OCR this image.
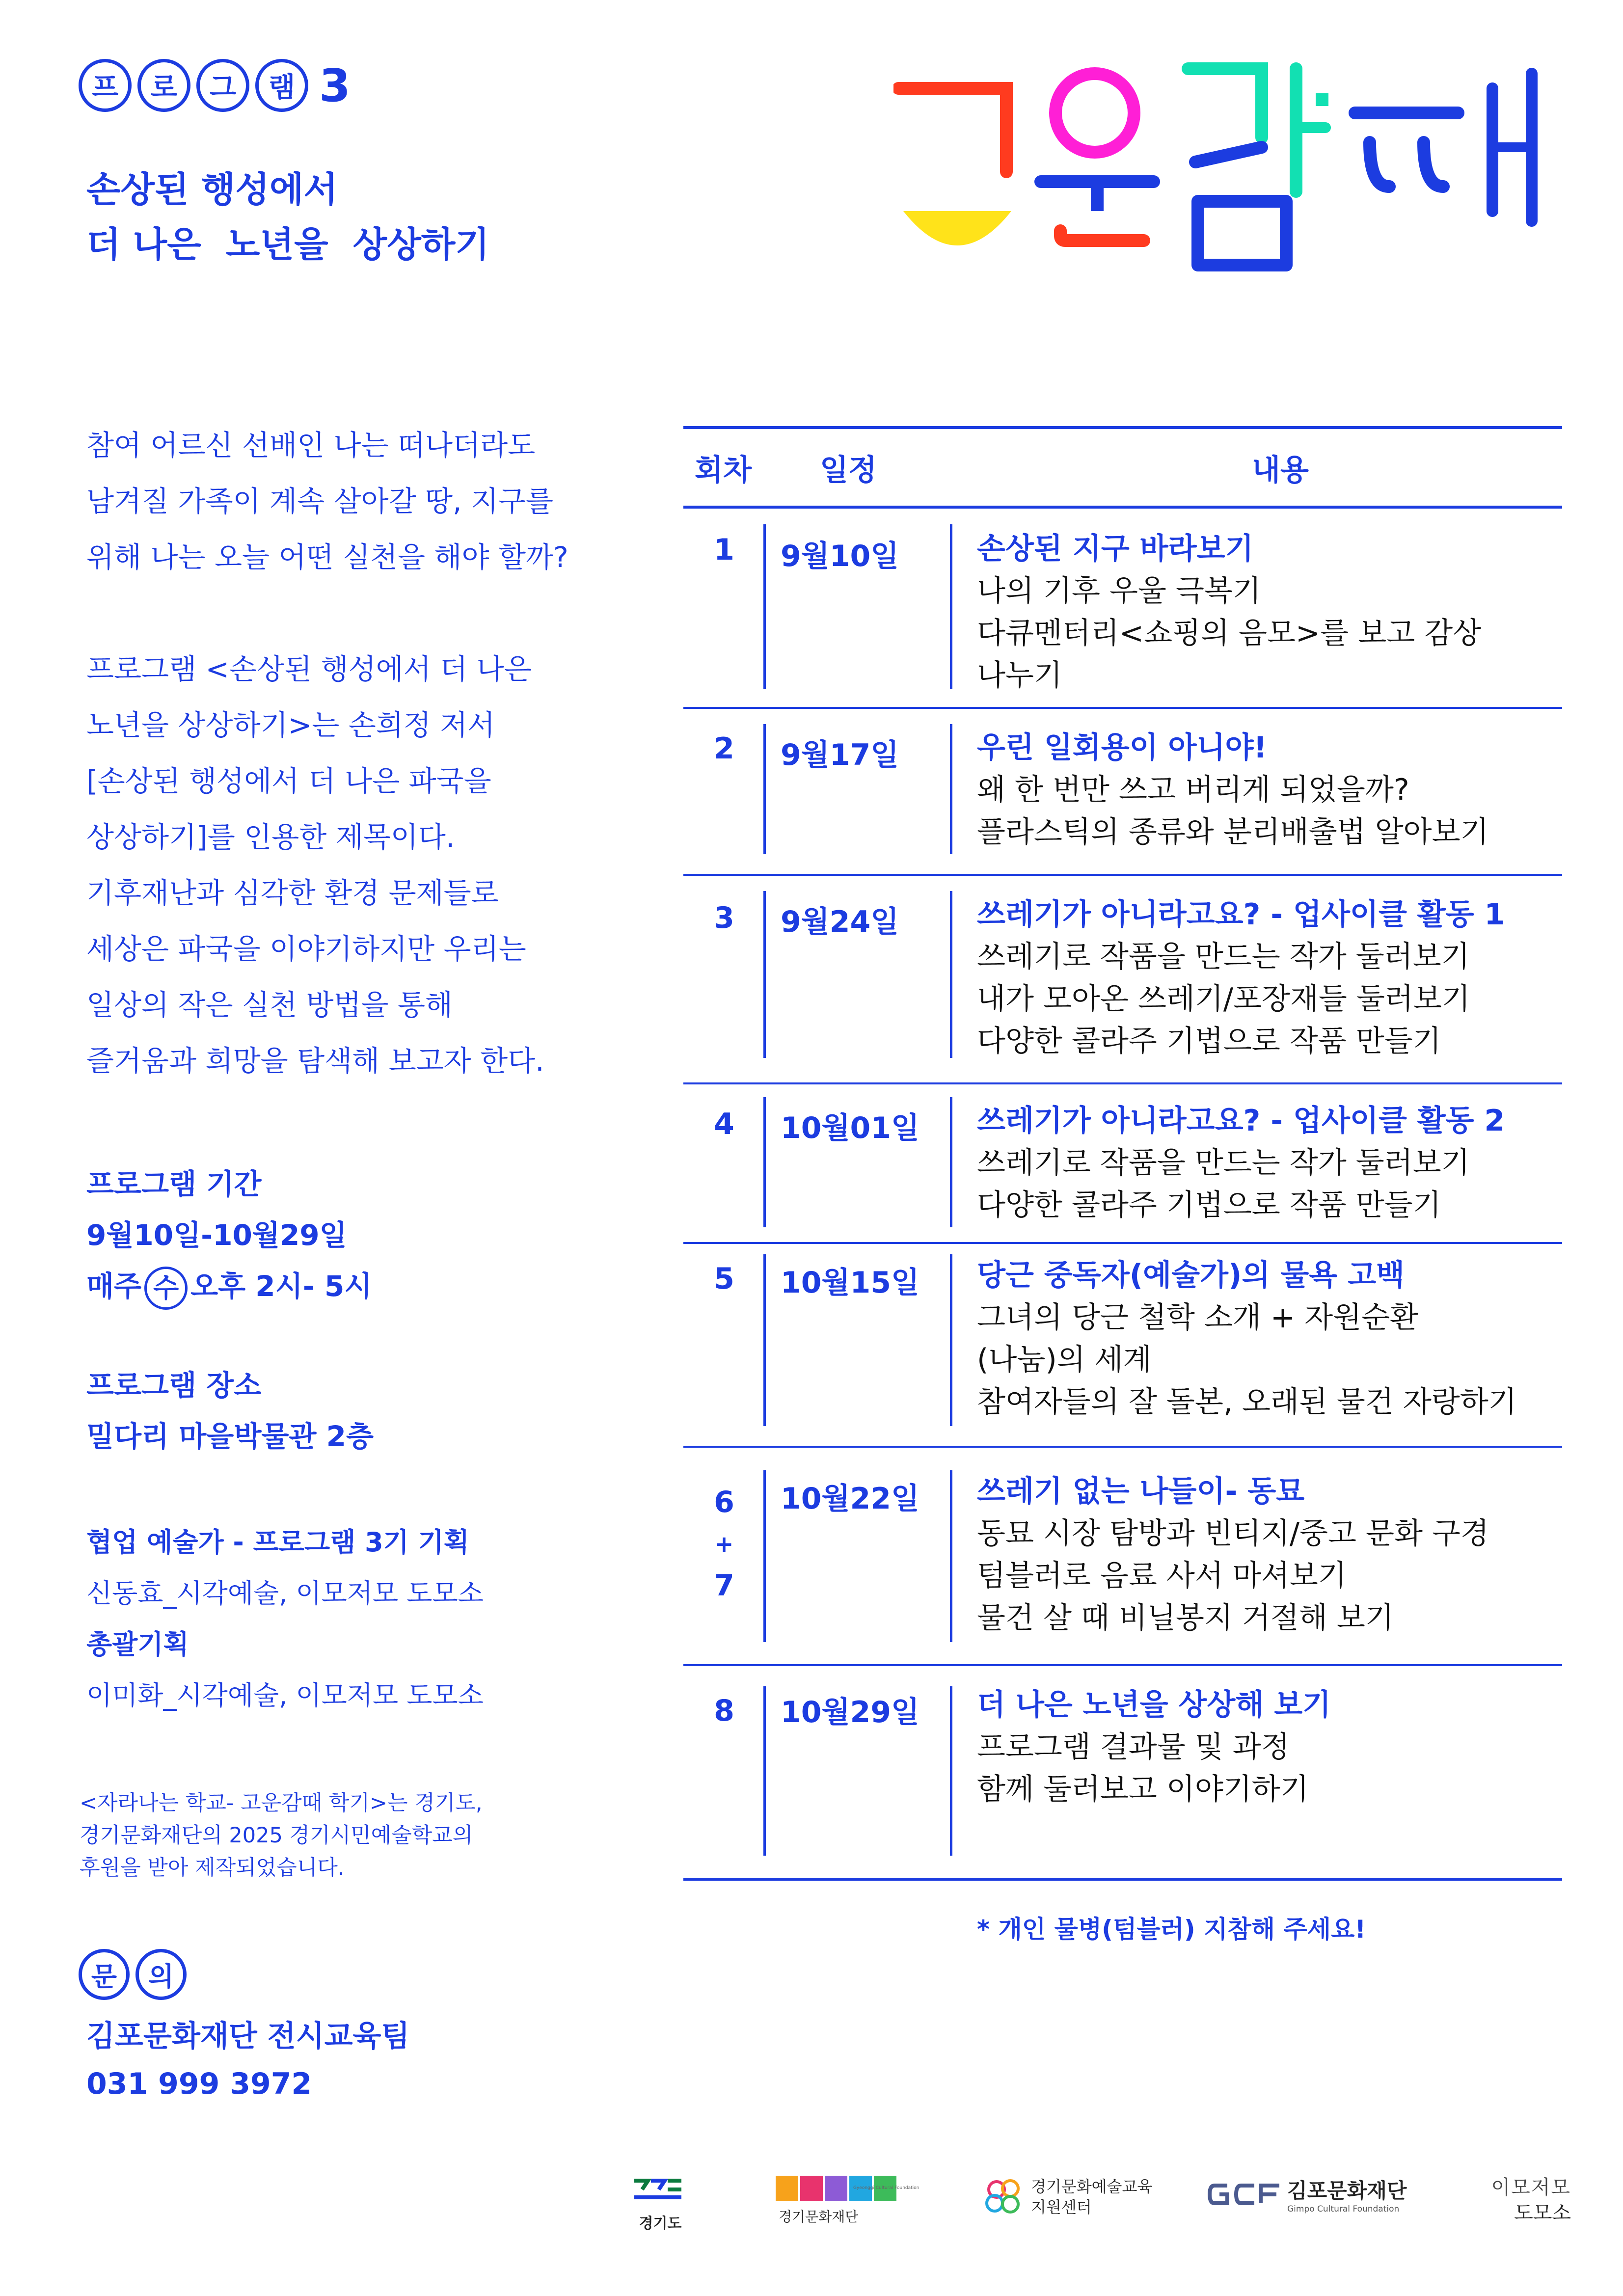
프	로	그	램 3
손상된 행성에서
더 나은  노년을  상상하기

참여 어르신 선배인 나는 떠나더라도
남겨질 가족이 계속 살아갈 땅, 지구를
위해 나는 오늘 어떤 실천을 해야 할까?

프로그램 <손상된 행성에서 더 나은
노년을 상상하기>는 손희정 저서
[손상된 행성에서 더 나은 파국을
상상하기]를 인용한 제목이다.
기후재난과 심각한 환경 문제들로
세상은 파국을 이야기하지만 우리는
일상의 작은 실천 방법을 통해
즐거움과 희망을 탐색해 보고자 한다.

프로그램 기간
9월10일-10월29일
매주 수 오후 2시- 5시
프로그램 장소
밀다리 마을박물관 2층
협업 예술가 - 프로그램 3기 기획
신동효_시각예술, 이모저모 도모소
총괄기획
이미화_시각예술, 이모저모 도모소
<자라나는 학교- 고운감때 학기>는 경기도,
경기문화재단의 2025 경기시민예술학교의
후원을 받아 제작되었습니다.
문	의
김포문화재단 전시교육팀
031 999 3972
회차 일정	내용
1	9월10일	손상된 지구 바라보기
나의 기후 우울 극복기
다큐멘터리<쇼핑의 음모>를 보고 감상
나누기
2	9월17일	우린 일회용이 아니야!
왜 한 번만 쓰고 버리게 되었을까?
플라스틱의 종류와 분리배출법 알아보기
3	9월24일	쓰레기가 아니라고요? - 업사이클 활동 1
쓰레기로 작품을 만드는 작가 둘러보기
내가 모아온 쓰레기/포장재들 둘러보기
다양한 콜라주 기법으로 작품 만들기
4	10월01일 쓰레기가 아니라고요? - 업사이클 활동 2
쓰레기로 작품을 만드는 작가 둘러보기
다양한 콜라주 기법으로 작품 만들기
5	10월15일 당근 중독자(예술가)의 물욕 고백
그녀의 당근 철학 소개 + 자원순환
(나눔)의 세계
참여자들의 잘 돌본, 오래된 물건 자랑하기
6
+
7
10월22일 쓰레기 없는 나들이- 동묘
동묘 시장 탐방과 빈티지/중고 문화 구경
텀블러로 음료 사서 마셔보기
물건 살 때 비닐봉지 거절해 보기
8	10월29일 더 나은 노년을 상상해 보기
프로그램 결과물 및 과정
함께 둘러보고 이야기하기
* 개인 물병(텀블러) 지참해 주세요!
경기도
Gyeonggi Cultural Foundation
경기문화재단
경기문화예술교육
지원센터
김포문화재단
Gimpo Cultural Foundation
이모저모
도모소
